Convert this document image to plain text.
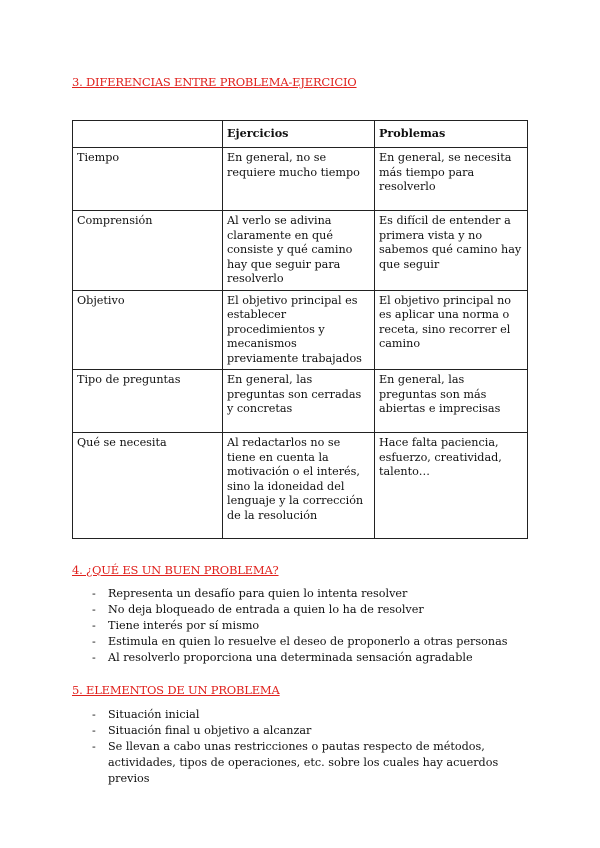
3. DIFERENCIAS ENTRE PROBLEMA-EJERCICIO
	Ejercicios	Problemas
Tiempo	En general, no se requiere mucho tiempo	En general, se necesita más tiempo para resolverlo
Comprensión	Al verlo se adivina claramente en qué consiste y qué camino hay que seguir para resolverlo	Es difícil de entender a primera vista y no sabemos qué camino hay que seguir
Objetivo	El objetivo principal es establecer procedimientos y mecanismos previamente trabajados	El objetivo principal no es aplicar una norma o receta, sino recorrer el camino
Tipo de preguntas	En general, las preguntas son cerradas y concretas	En general, las preguntas son más abiertas e imprecisas
Qué se necesita	Al redactarlos no se tiene en cuenta la motivación o el interés, sino la idoneidad del lenguaje y la corrección de la resolución	Hace falta paciencia, esfuerzo, creatividad, talento…
4. ¿QUÉ ES UN BUEN PROBLEMA?
- Representa un desafío para quien lo intenta resolver
- No deja bloqueado de entrada a quien lo ha de resolver
- Tiene interés por sí mismo
- Estimula en quien lo resuelve el deseo de proponerlo a otras personas
- Al resolverlo proporciona una determinada sensación agradable
5. ELEMENTOS DE UN PROBLEMA
- Situación inicial
- Situación final u objetivo a alcanzar
- Se llevan a cabo unas restricciones o pautas respecto de métodos, actividades, tipos de operaciones, etc. sobre los cuales hay acuerdos previos
